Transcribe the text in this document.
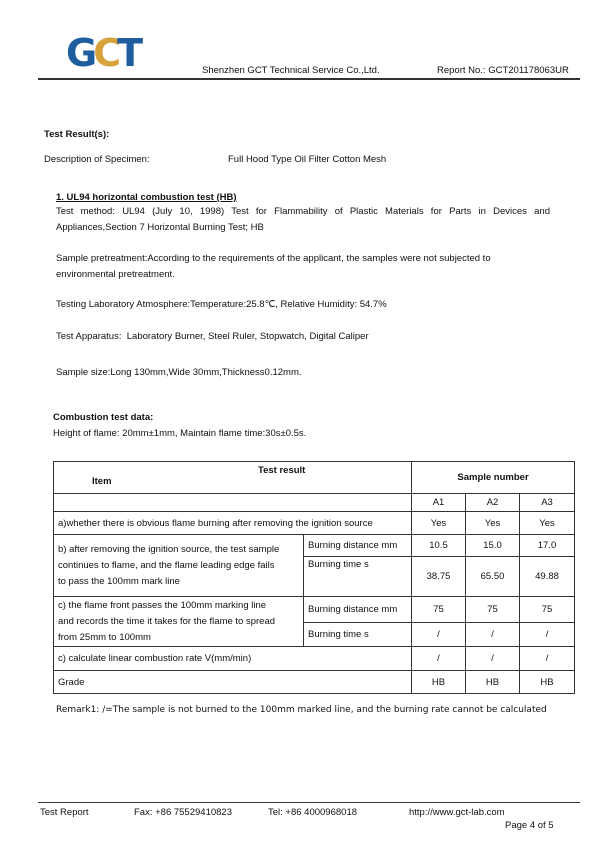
GCT	Shenzhen GCT Technical Service Co.,Ltd.	Report No.: GCT201178063UR
Test Result(s):
Description of Specimen:	Full Hood Type Oil Filter Cotton Mesh
1. UL94 horizontal combustion test (HB)
Test method: UL94 (July 10, 1998) Test for Flammability of Plastic Materials for Parts in Devices and
Appliances,Section 7 Horizontal Burning Test; HB
Sample pretreatment:According to the requirements of the applicant, the samples were not subjected to
environmental pretreatment.
Testing Laboratory Atmosphere:Temperature:25.8℃, Relative Humidity: 54.7%
Test Apparatus:  Laboratory Burner, Steel Ruler, Stopwatch, Digital Caliper
Sample size:Long 130mm,Wide 30mm,Thickness0.12mm.
Combustion test data:
Height of flame: 20mm±1mm, Maintain flame time:30s±0.5s.
Test result
Item		Sample number		
		A1	A2	A3
a)whether there is obvious flame burning after removing the ignition source		Yes	Yes	Yes

b) after removing the ignition source, the test sample
continues to flame, and the flame leading edge fails
to pass the 100mm mark line	Burning distance mm	10.5	15.0	17.0
	Burning time s	38.75	65.50	49.88

c) the flame front passes the 100mm marking line
and records the time it takes for the flame to spread
from 25mm to 100mm	Burning distance mm	75	75	75
	Burning time s	/	/	/
c) calculate linear combustion rate V(mm/min)		/	/	/
Grade		HB	HB	HB
Remark1: /=The sample is not burned to the 100mm marked line, and the burning rate cannot be calculated
Test Report	Fax: +86 75529410823	Tel: +86 4000968018	http://www.gct-lab.com
Page 4 of 5
